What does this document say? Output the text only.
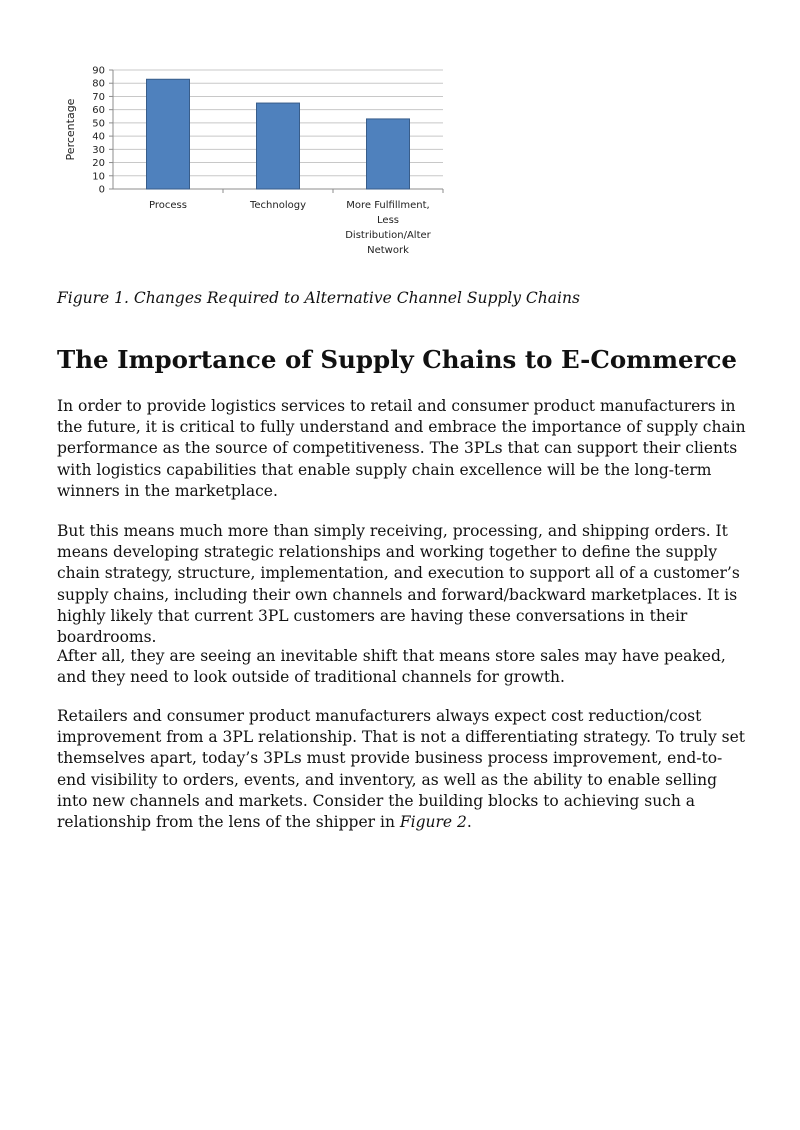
0
10
20
30
40
50
60
70
80
90
Percentage
Process	Technology	More Fulfillment,
Less
Distribution/Alter
Network
Figure 1. Changes Required to Alternative Channel Supply Chains
The Importance of Supply Chains to E-Commerce

In order to provide logistics services to retail and consumer product manufacturers in the future, it is critical to fully understand and embrace the importance of supply chain performance as the source of competitiveness. The 3PLs that can support their clients with logistics capabilities that enable supply chain excellence will be the long-term winners in the marketplace.

But this means much more than simply receiving, processing, and shipping orders. It means developing strategic relationships and working together to define the supply chain strategy, structure, implementation, and execution to support all of a customer’s supply chains, including their own channels and forward/backward marketplaces. It is highly likely that current 3PL customers are having these conversations in their boardrooms.

After all, they are seeing an inevitable shift that means store sales may have peaked, and they need to look outside of traditional channels for growth.

Retailers and consumer product manufacturers always expect cost reduction/cost improvement from a 3PL relationship. That is not a differentiating strategy. To truly set themselves apart, today’s 3PLs must provide business process improvement, end-to-end visibility to orders, events, and inventory, as well as the ability to enable selling into new channels and markets. Consider the building blocks to achieving such a relationship from the lens of the shipper in Figure 2.
